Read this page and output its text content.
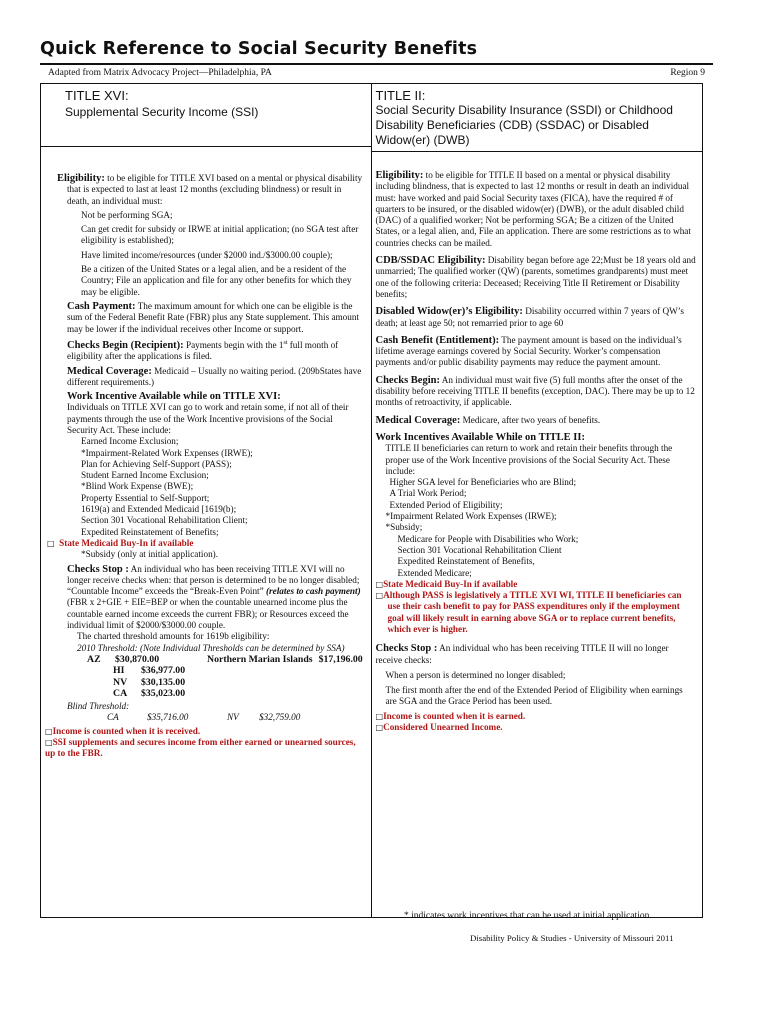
Quick Reference to Social Security Benefits
Adapted from Matrix Advocacy Project—Philadelphia, PA	Region 9
TITLE XVI:
Supplemental Security Income (SSI)
Eligibility: to be eligible for TITLE XVI based on a mental or physical disability that is expected to last at least 12 months (excluding blindness) or result in death, an individual must:
Not be performing SGA;
Can get credit for subsidy or IRWE at initial application; (no SGA test after eligibility is established);
Have limited income/resources (under $2000 ind./$3000.00 couple);
Be a citizen of the United States or a legal alien, and be a resident of the Country; File an application and file for any other benefits for which they may be eligible.
Cash Payment: The maximum amount for which one can be eligible is the sum of the Federal Benefit Rate (FBR) plus any State supplement. This amount may be lower if the individual receives other Income or support.
Checks Begin (Recipient): Payments begin with the 1st full month of eligibility after the applications is filed.
Medical Coverage: Medicaid – Usually no waiting period. (209bStates have different requirements.)
Work Incentive Available while on TITLE XVI:
Individuals on TITLE XVI can go to work and retain some, if not all of their payments through the use of the Work Incentive provisions of the Social Security Act. These include:
Earned Income Exclusion;
*Impairment-Related Work Expenses (IRWE);
Plan for Achieving Self-Support (PASS);
Student Earned Income Exclusion;
*Blind Work Expense (BWE);
Property Essential to Self-Support;
1619(a) and Extended Medicaid [1619(b);
Section 301 Vocational Rehabilitation Client;
Expedited Reinstatement of Benefits;
□ State Medicaid Buy-In if available
*Subsidy (only at initial application).
Checks Stop : An individual who has been receiving TITLE XVI will no longer receive checks when: that person is determined to be no longer disabled; “Countable Income” exceeds the “Break-Even Point” (relates to cash payment) (FBR x 2+GIE + EIE=BEP or when the countable unearned income plus the countable earned income exceeds the current FBR); or Resources exceed the individual limit of $2000/$3000.00 couple.
The charted threshold amounts for 1619b eligibility:
2010 Threshold: (Note Individual Thresholds can be determined by SSA)
AZ	$30,870.00	Northern Marian Islands $17,196.00
HI	$36,977.00
NV	$30,135.00
CA	$35,023.00
Blind Threshold:
CA	$35,716.00	NV	$32,759.00
□Income is counted when it is received.
□SSI supplements and secures income from either earned or unearned sources, up to the FBR.
TITLE II:
Social Security Disability Insurance (SSDI) or Childhood Disability Beneficiaries (CDB) (SSDAC) or Disabled Widow(er) (DWB)
Eligibility: to be eligible for TITLE II based on a mental or physical disability including blindness, that is expected to last 12 months or result in death an individual must: have worked and paid Social Security taxes (FICA), have the required # of quarters to be insured, or the disabled widow(er) (DWB), or the adult disabled child (DAC) of a qualified worker; Not be performing SGA; Be a citizen of the United States, or a legal alien, and, File an application. There are some restrictions as to what countries checks can be mailed.
CDB/SSDAC Eligibility: Disability began before age 22;Must be 18 years old and unmarried; The qualified worker (QW) (parents, sometimes grandparents) must meet one of the following criteria: Deceased; Receiving Title II Retirement or Disability benefits;
Disabled Widow(er)’s Eligibility: Disability occurred within 7 years of QW’s death; at least age 50; not remarried prior to age 60
Cash Benefit (Entitlement): The payment amount is based on the individual’s lifetime average earnings covered by Social Security. Worker’s compensation payments and/or public disability payments may reduce the payment amount.
Checks Begin: An individual must wait five (5) full months after the onset of the disability before receiving TITLE II benefits (exception, DAC). There may be up to 12 months of retroactivity, if applicable.
Medical Coverage: Medicare, after two years of benefits.
Work Incentives Available While on TITLE II:
TITLE II beneficiaries can return to work and retain their benefits through the proper use of the Work Incentive provisions of the Social Security Act. These include:
Higher SGA level for Beneficiaries who are Blind;
A Trial Work Period;
Extended Period of Eligibility;
*Impairment Related Work Expenses (IRWE);
*Subsidy;
Medicare for People with Disabilities who Work;
Section 301 Vocational Rehabilitation Client
Expedited Reinstatement of Benefits,
Extended Medicare;
□State Medicaid Buy-In if available
□Although PASS is legislatively a TITLE XVI WI, TITLE II beneficiaries can use their cash benefit to pay for PASS expenditures only if the employment goal will likely result in earning above SGA or to replace current benefits, which ever is higher.
Checks Stop : An individual who has been receiving TITLE II will no longer receive checks:
When a person is determined no longer disabled;
The first month after the end of the Extended Period of Eligibility when earnings are SGA and the Grace Period has been used.
□Income is counted when it is earned.
□Considered Unearned Income.
* indicates work incentives that can be used at initial application
Disability Policy & Studies - University of Missouri 2011
